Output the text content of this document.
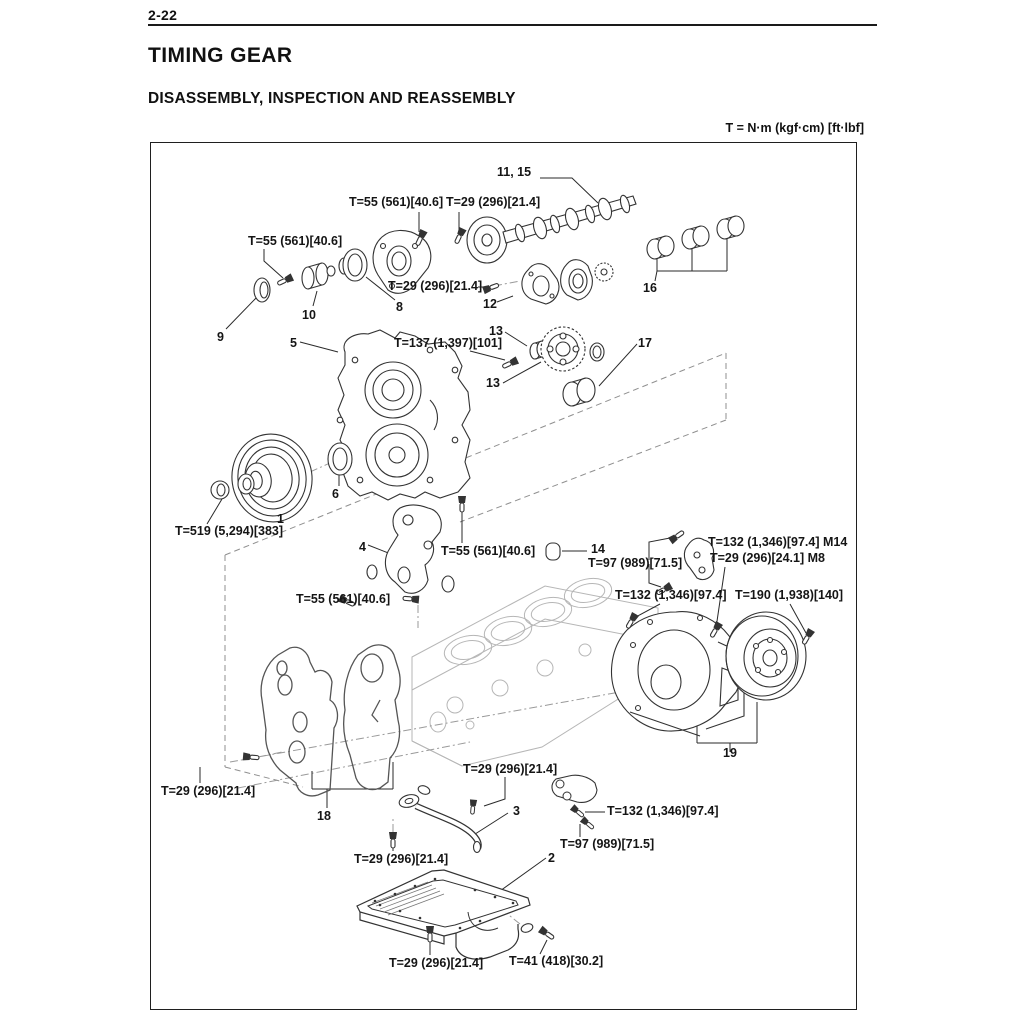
2-22
TIMING GEAR
DISASSEMBLY, INSPECTION AND REASSEMBLY
T = N·m (kgf·cm) [ft·lbf]
11, 15
T=55 (561)[40.6] T=29 (296)[21.4]
T=55 (561)[40.6]
9
10
8
T=29 (296)[21.4]
12
5	T=137 (1,397)[101]
13
13
17
16
6
1
T=519 (5,294)[383]
4	T=55 (561)[40.6]	14
T=97 (989)[71.5]
T=132 (1,346)[97.4] M14
T=29 (296)[24.1] M8
T=55 (561)[40.6]	T=132 (1,346)[97.4] T=190 (1,938)[140]
19
T=29 (296)[21.4]
18
T=29 (296)[21.4]
3	T=132 (1,346)[97.4]
T=97 (989)[71.5]
2
T=29 (296)[21.4]
T=29 (296)[21.4] T=41 (418)[30.2]
